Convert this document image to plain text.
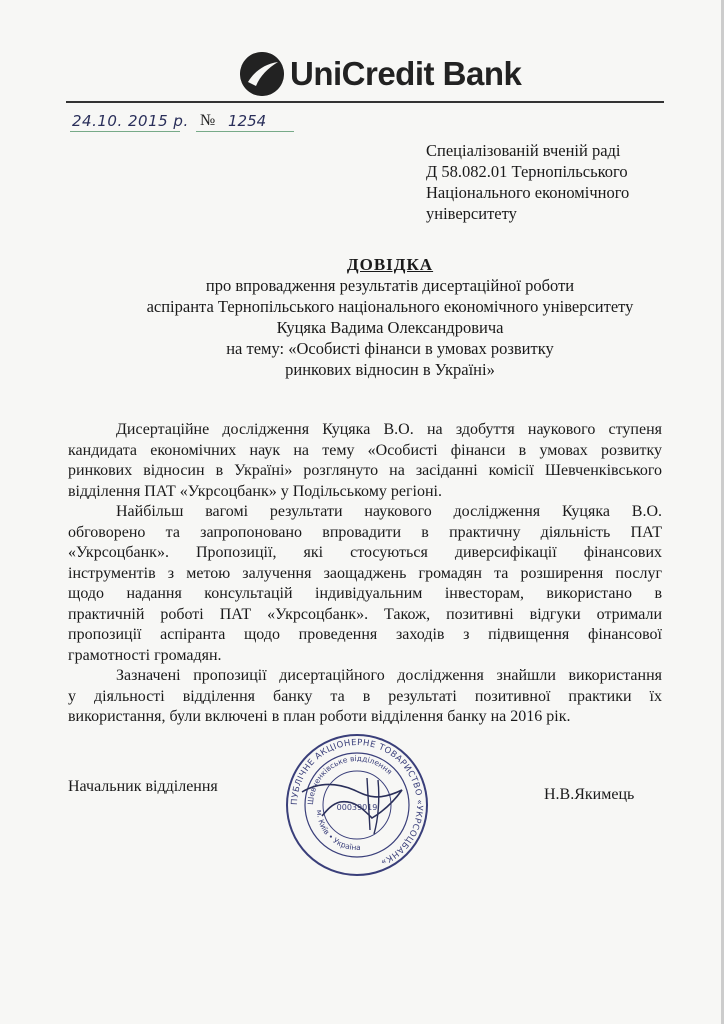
UniCredit Bank
24.10. 2015 р. № 1254
Спеціалізованій вченій раді
Д 58.082.01 Тернопільського
Національного економічного
університету
ДОВІДКА
про впровадження результатів дисертаційної роботи
аспіранта Тернопільського національного економічного університету
Куцяка Вадима Олександровича
на тему: «Особисті фінанси в умовах розвитку
ринкових відносин в Україні»
Дисертаційне дослідження Куцяка В.О. на здобуття наукового ступеня
кандидата економічних наук на тему «Особисті фінанси в умовах розвитку
ринкових відносин в Україні» розглянуто на засіданні комісії Шевченківського
відділення ПАТ «Укрсоцбанк» у Подільському регіоні.
Найбільш вагомі результати наукового дослідження Куцяка В.О.
обговорено та запропоновано впровадити в практичну діяльність ПАТ
«Укрсоцбанк». Пропозиції, які стосуються диверсифікації фінансових
інструментів з метою залучення заощаджень громадян та розширення послуг
щодо надання консультацій індивідуальним інвесторам, використано в
практичній роботі ПАТ «Укрсоцбанк». Також, позитивні відгуки отримали
пропозиції аспіранта щодо проведення заходів з підвищення фінансової
грамотності громадян.
Зазначені пропозиції дисертаційного дослідження знайшли використання
у діяльності відділення банку та в результаті позитивної практики їх
використання, були включені в план роботи відділення банку на 2016 рік.
Начальник відділення	Н.В.Якимець
ПУБЛІЧНЕ АКЦІОНЕРНЕ ТОВАРИСТВО «УКРСОЦБАНК»
Шевченківське відділення
м. Київ • Україна
00039019
